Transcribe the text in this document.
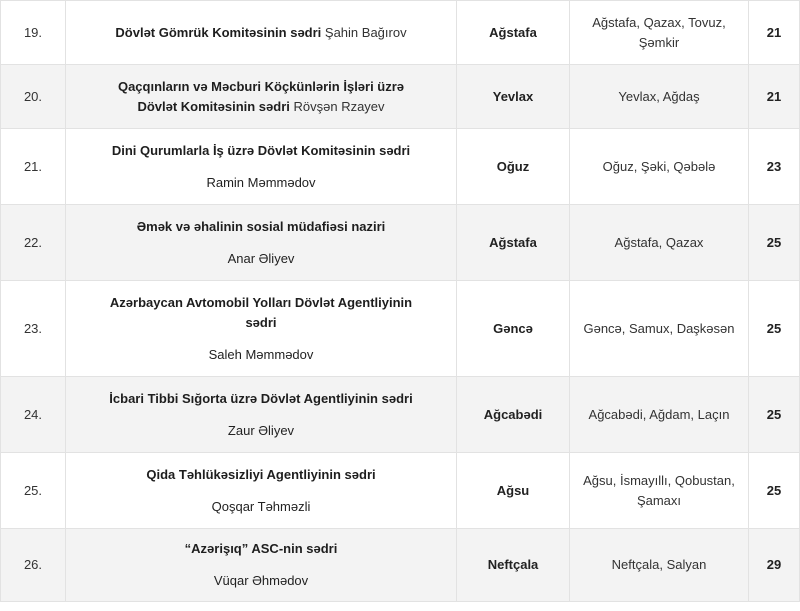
19.	Dövlət Gömrük Komitəsinin sədri Şahin Bağırov	Ağstafa	Ağstafa, Qazax, Tovuz,
Şəmkir	21
20.	Qaçqınların və Məcburi Köçkünlərin İşləri üzrə
Dövlət Komitəsinin sədri Rövşən Rzayev	Yevlax	Yevlax, Ağdaş	21
21.	Dini Qurumlarla İş üzrə Dövlət Komitəsinin sədri
Ramin Məmmədov	Oğuz	Oğuz, Şəki, Qəbələ	23
22.	Əmək və əhalinin sosial müdafiəsi naziri
Anar Əliyev	Ağstafa	Ağstafa, Qazax	25
23.	Azərbaycan Avtomobil Yolları Dövlət Agentliyinin
sədri
Saleh Məmmədov	Gəncə	Gəncə, Samux, Daşkəsən	25
24.	İcbari Tibbi Sığorta üzrə Dövlət Agentliyinin sədri
Zaur Əliyev	Ağcabədi	Ağcabədi, Ağdam, Laçın	25
25.	Qida Təhlükəsizliyi Agentliyinin sədri
Qoşqar Təhməzli	Ağsu	Ağsu, İsmayıllı, Qobustan,
Şamaxı	25
26.	“Azərişıq” ASC-nin sədri
Vüqar Əhmədov	Neftçala	Neftçala, Salyan	29
